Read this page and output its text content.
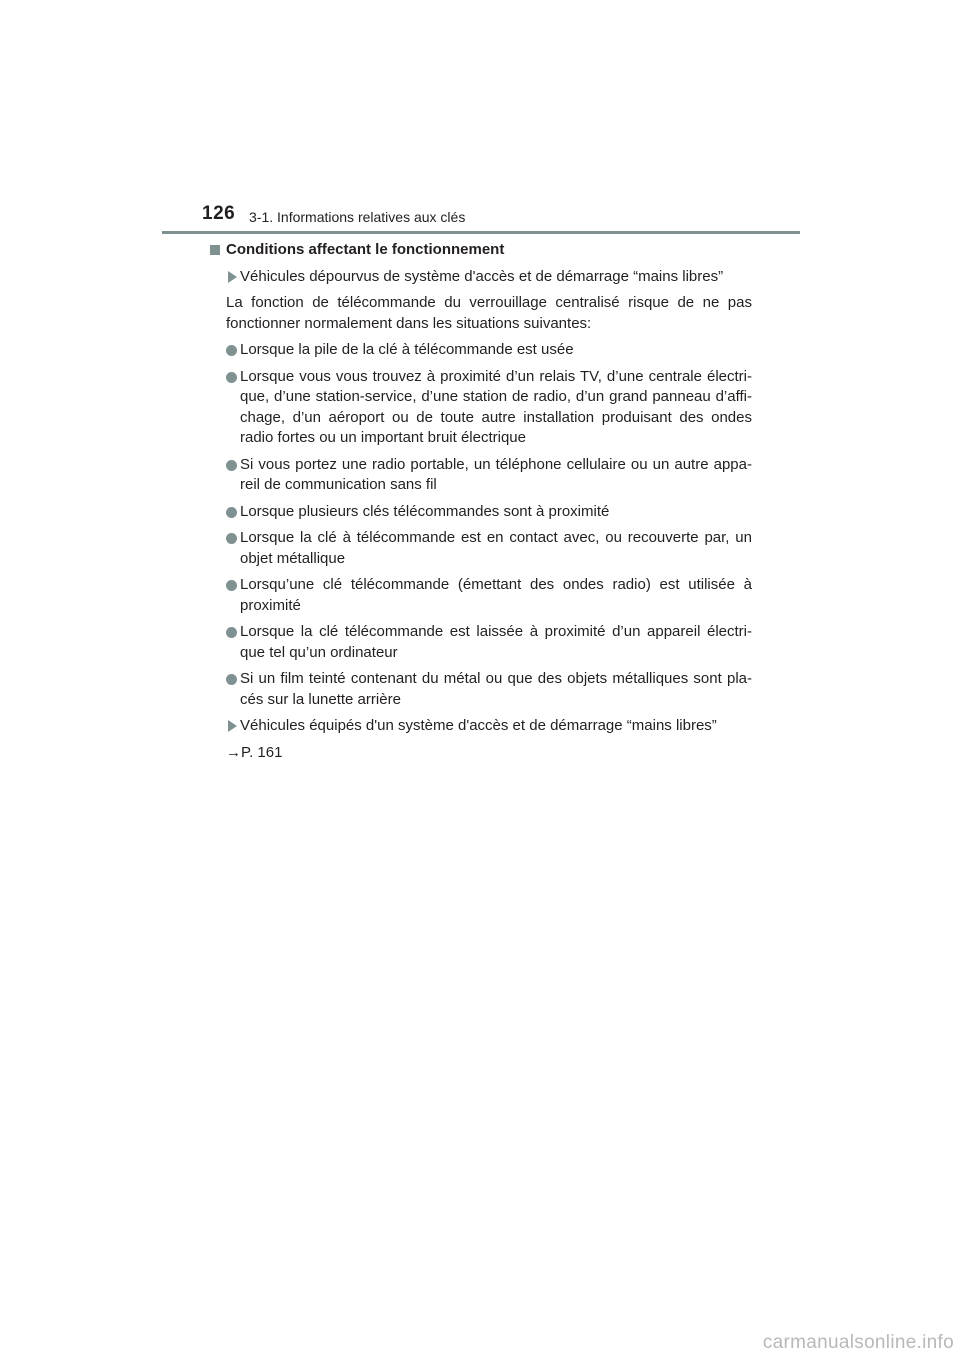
126 3-1. Informations relatives aux clés

Conditions affectant le fonctionnement

Véhicules dépourvus de système d'accès et de démarrage “mains libres”

La fonction de télécommande du verrouillage centralisé risque de ne pas fonctionner normalement dans les situations suivantes:

Lorsque la pile de la clé à télécommande est usée
Lorsque vous vous trouvez à proximité d’un relais TV, d’une centrale électri-que, d’une station-service, d’une station de radio, d’un grand panneau d’affi-chage, d’un aéroport ou de toute autre installation produisant des ondes radio fortes ou un important bruit électrique
Si vous portez une radio portable, un téléphone cellulaire ou un autre appa-reil de communication sans fil
Lorsque plusieurs clés télécommandes sont à proximité
Lorsque la clé à télécommande est en contact avec, ou recouverte par, un objet métallique
Lorsqu’une clé télécommande (émettant des ondes radio) est utilisée à proximité
Lorsque la clé télécommande est laissée à proximité d’un appareil électri-que tel qu’un ordinateur
Si un film teinté contenant du métal ou que des objets métalliques sont pla-cés sur la lunette arrière

Véhicules équipés d'un système d'accès et de démarrage “mains libres”

→P. 161

carmanualsonline.info
